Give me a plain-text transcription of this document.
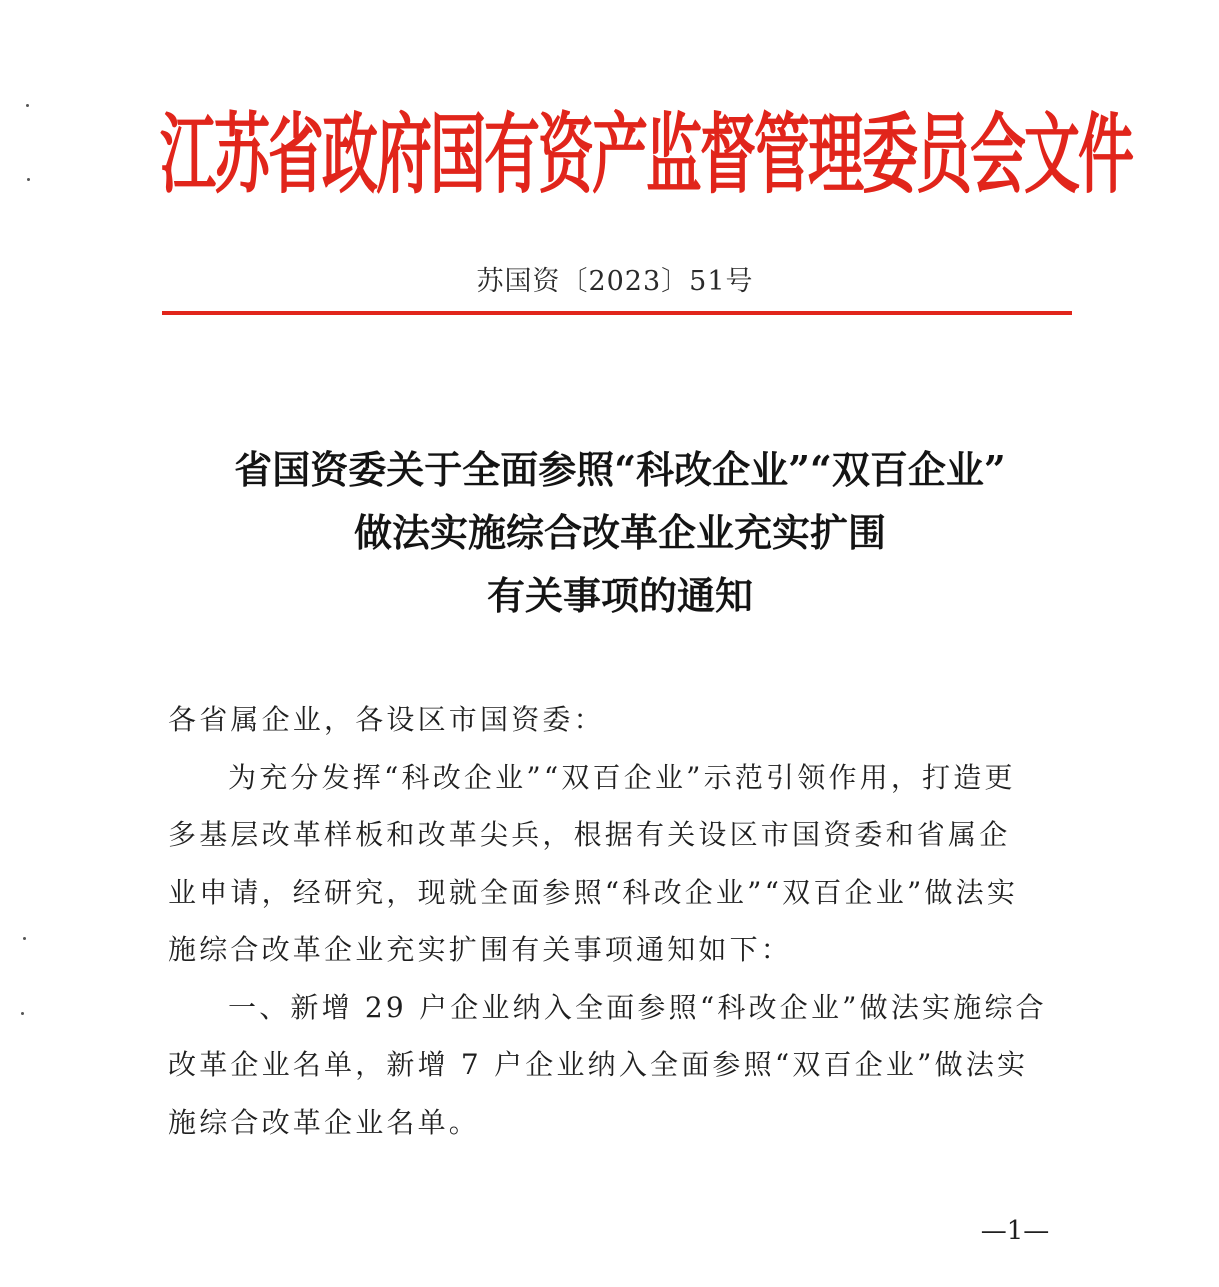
江苏省政府国有资产监督管理委员会文件
苏国资〔2023〕51号
省国资委关于全面参照“科改企业”“双百企业”
做法实施综合改革企业充实扩围
有关事项的通知
各省属企业，各设区市国资委：
为充分发挥“科改企业”“双百企业”示范引领作用，打造更
多基层改革样板和改革尖兵，根据有关设区市国资委和省属企
业申请，经研究，现就全面参照“科改企业”“双百企业”做法实
施综合改革企业充实扩围有关事项通知如下：
一、新增 29 户企业纳入全面参照“科改企业”做法实施综合
改革企业名单，新增 7 户企业纳入全面参照“双百企业”做法实
施综合改革企业名单。
—1—
